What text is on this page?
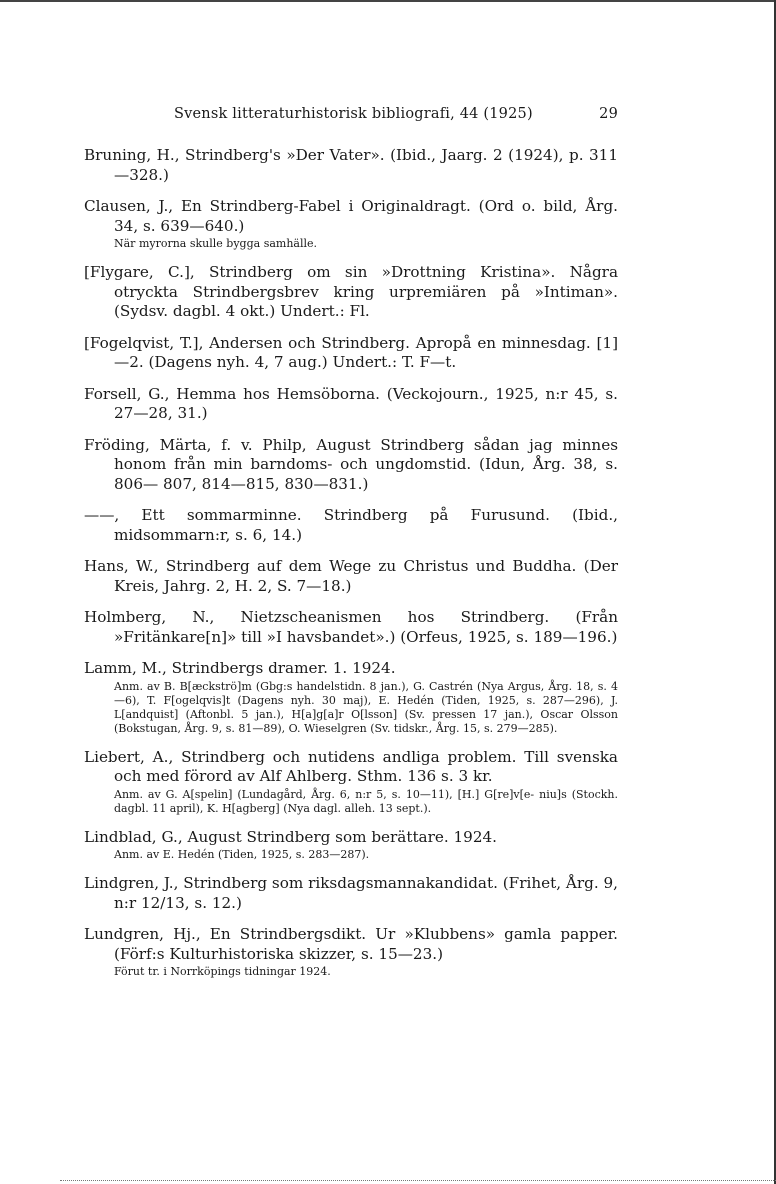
Svensk litteraturhistorisk bibliografi, 44 (1925)	29
Bruning, H., Strindberg's »Der Vater». (Ibid., Jaarg. 2 (1924), p. 311 —328.)
Clausen, J., En Strindberg-Fabel i Originaldragt. (Ord o. bild, Årg. 34, s. 639—640.)
När myrorna skulle bygga samhälle.
[Flygare, C.], Strindberg om sin »Drottning Kristina». Några otryckta Strindbergsbrev kring urpremiären på »Intiman». (Sydsv. dagbl. 4 okt.) Undert.: Fl.
[Fogelqvist, T.], Andersen och Strindberg. Apropå en minnesdag. [1] —2. (Dagens nyh. 4, 7 aug.) Undert.: T. F—t.
Forsell, G., Hemma hos Hemsöborna. (Veckojourn., 1925, n:r 45, s. 27—28, 31.)
Fröding, Märta, f. v. Philp, August Strindberg sådan jag minnes honom från min barndoms- och ungdomstid. (Idun, Årg. 38, s. 806— 807, 814—815, 830—831.)
——, Ett sommarminne. Strindberg på Furusund. (Ibid., midsommarn:r, s. 6, 14.)
Hans, W., Strindberg auf dem Wege zu Christus und Buddha. (Der Kreis, Jahrg. 2, H. 2, S. 7—18.)
Holmberg, N., Nietzscheanismen hos Strindberg. (Från »Fritänkare[n]» till »I havsbandet».) (Orfeus, 1925, s. 189—196.)
Lamm, M., Strindbergs dramer. 1. 1924.
Anm. av B. B[æckströ]m (Gbg:s handelstidn. 8 jan.), G. Castrén (Nya Argus, Årg. 18, s. 4—6), T. F[ogelqvis]t (Dagens nyh. 30 maj), E. Hedén (Tiden, 1925, s. 287—296), J. L[andquist] (Aftonbl. 5 jan.), H[a]g[a]r O[lsson] (Sv. pressen 17 jan.), Oscar Olsson (Bokstugan, Årg. 9, s. 81—89), O. Wieselgren (Sv. tidskr., Årg. 15, s. 279—285).
Liebert, A., Strindberg och nutidens andliga problem. Till svenska och med förord av Alf Ahlberg. Sthm. 136 s. 3 kr.
Anm. av G. A[spelin] (Lundagård, Årg. 6, n:r 5, s. 10—11), [H.] G[re]v[e- niu]s (Stockh. dagbl. 11 april), K. H[agberg] (Nya dagl. alleh. 13 sept.).
Lindblad, G., August Strindberg som berättare. 1924.
Anm. av E. Hedén (Tiden, 1925, s. 283—287).
Lindgren, J., Strindberg som riksdagsmannakandidat. (Frihet, Årg. 9, n:r 12/13, s. 12.)
Lundgren, Hj., En Strindbergsdikt. Ur »Klubbens» gamla papper. (Förf:s Kulturhistoriska skizzer, s. 15—23.)
Förut tr. i Norrköpings tidningar 1924.
